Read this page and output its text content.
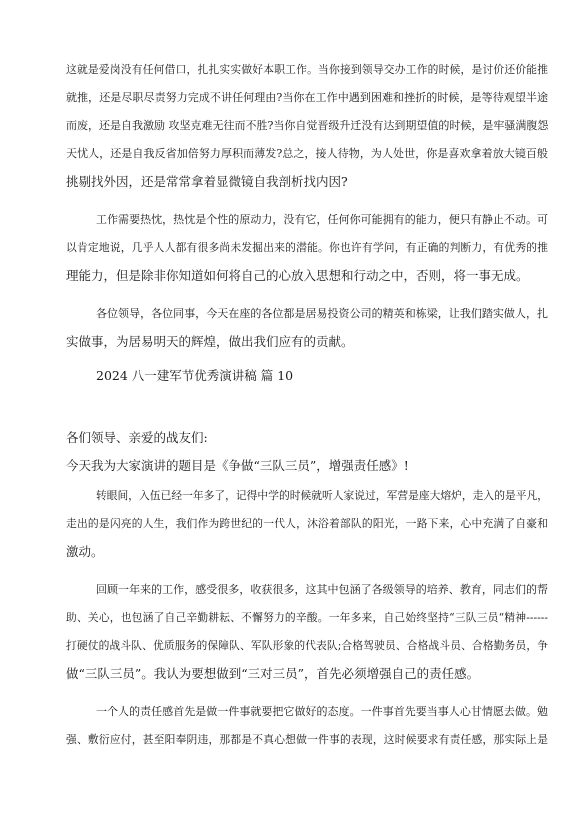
这就是爱岗没有任何借口，扎扎实实做好本职工作。当你接到领导交办工作的时候，是讨价还价能推
就推，还是尽职尽责努力完成不讲任何理由?当你在工作中遇到困难和挫折的时候，是等待观望半途
而废，还是自我激励 攻坚克难无往而不胜?当你自觉晋级升迁没有达到期望值的时候，是牢骚满腹怨
天忧人，还是自我反省加倍努力厚积而薄发?总之，接人待物，为人处世，你是喜欢拿着放大镜百般
挑剔找外因，还是常常拿着显微镜自我剖析找内因?
工作需要热忱，热忱是个性的原动力，没有它，任何你可能拥有的能力，便只有静止不动。可
以肯定地说，几乎人人都有很多尚未发掘出来的潜能。你也许有学问，有正确的判断力，有优秀的推
理能力，但是除非你知道如何将自己的心放入思想和行动之中，否则，将一事无成。
各位领导，各位同事，今天在座的各位都是居易投资公司的精英和栋梁，让我们踏实做人，扎
实做事，为居易明天的辉煌，做出我们应有的贡献。
2024 八一建军节优秀演讲稿 篇 10
各们领导、亲爱的战友们:
今天我为大家演讲的题目是《争做“三队三员”，增强责任感》!
转眼间，入伍已经一年多了，记得中学的时候就听人家说过，军营是座大熔炉，走入的是平凡，
走出的是闪亮的人生，我们作为跨世纪的一代人，沐浴着部队的阳光，一路下来，心中充满了自豪和
激动。
回顾一年来的工作，感受很多，收获很多，这其中包涵了各级领导的培养、教育，同志们的帮
助、关心，也包涵了自己辛勤耕耘、不懈努力的辛酸。一年多来，自己始终坚持“三队三员“精神------
打硬仗的战斗队、优质服务的保障队、军队形象的代表队;合格驾驶员、合格战斗员、合格勤务员，争
做“三队三员”。我认为要想做到“三对三员”，首先必须增强自己的责任感。
一个人的责任感首先是做一件事就要把它做好的态度。一件事首先要当事人心甘情愿去做。勉
强、敷衍应付，甚至阳奉阴违，那都是不真心想做一件事的表现，这时候要求有责任感，那实际上是
